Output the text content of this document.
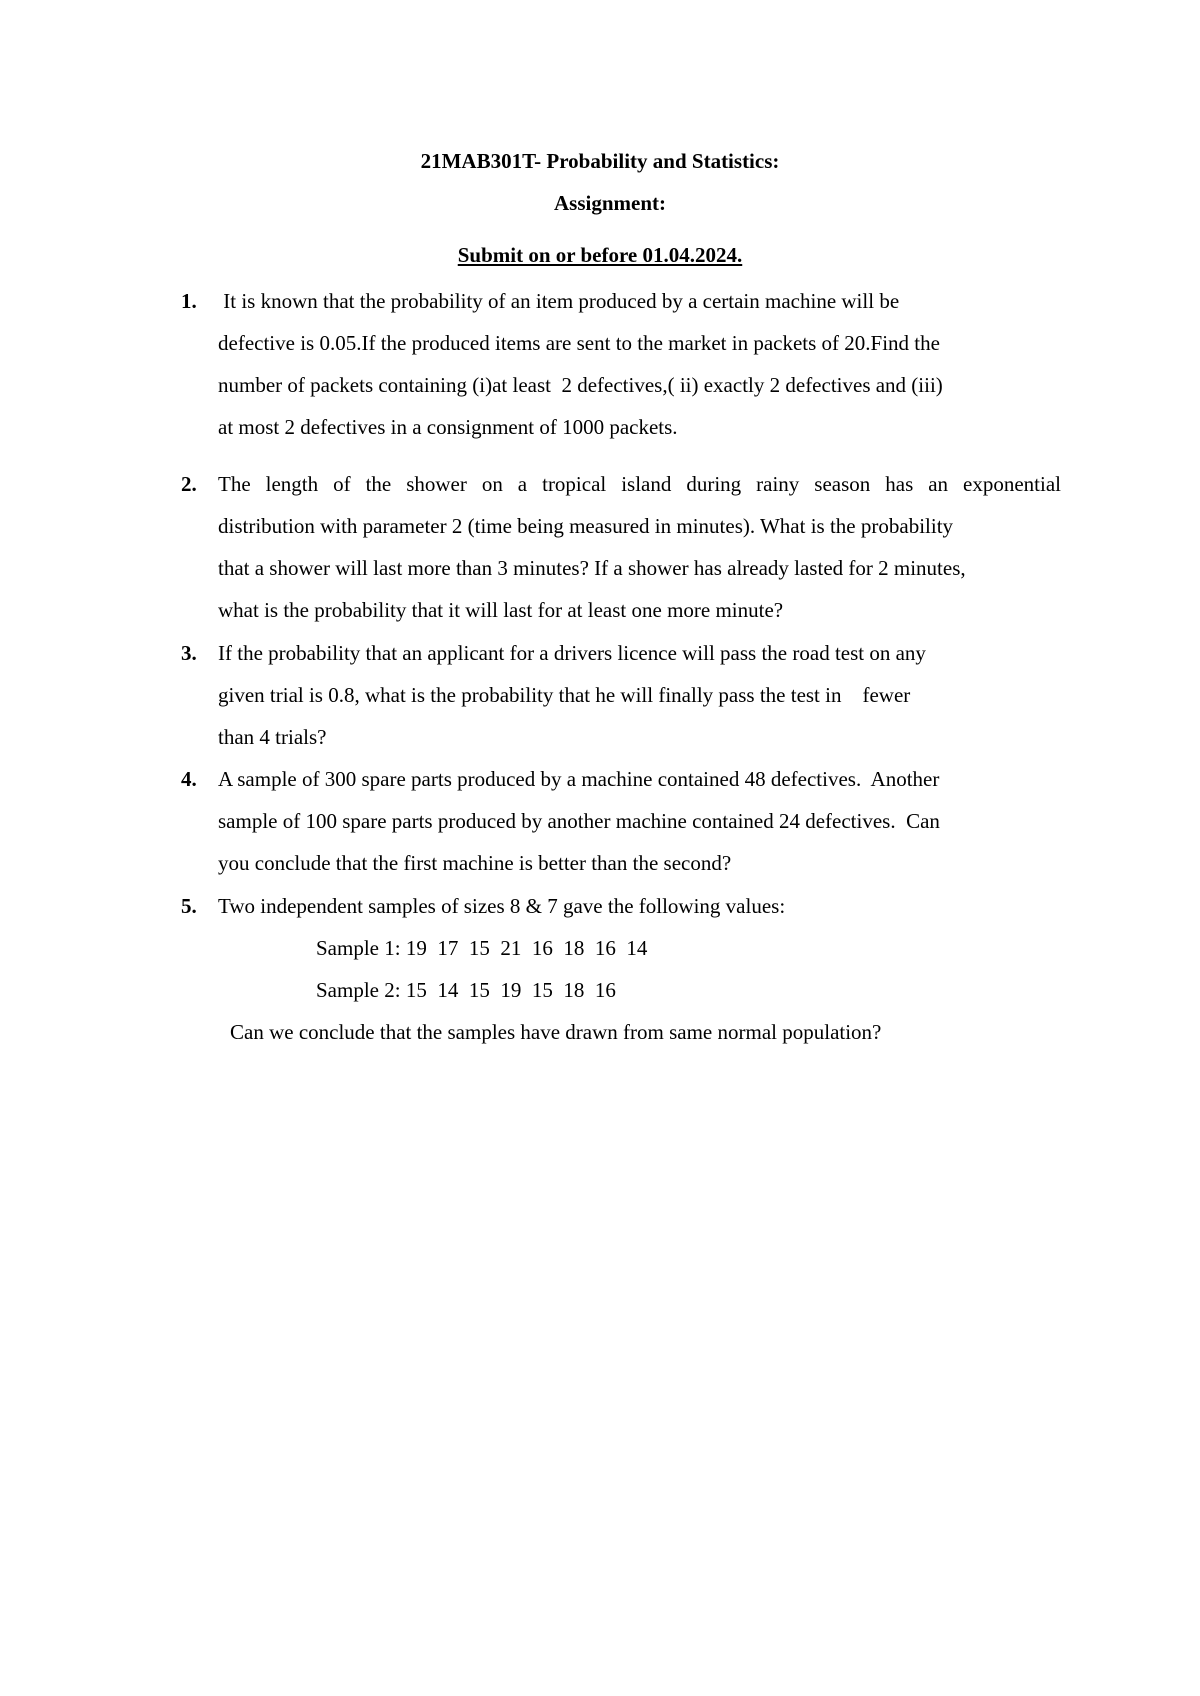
21MAB301T- Probability and Statistics:
Assignment:
Submit on or before 01.04.2024.
1. It is known that the probability of an item produced by a certain machine will be
defective is 0.05.If the produced items are sent to the market in packets of 20.Find the
number of packets containing (i)at least  2 defectives,( ii) exactly 2 defectives and (iii)
at most 2 defectives in a consignment of 1000 packets.
2. The length of the shower on a tropical island during rainy season has an exponential
distribution with parameter 2 (time being measured in minutes). What is the probability
that a shower will last more than 3 minutes? If a shower has already lasted for 2 minutes,
what is the probability that it will last for at least one more minute?
3. If the probability that an applicant for a drivers licence will pass the road test on any
given trial is 0.8, what is the probability that he will finally pass the test in    fewer
than 4 trials?
4. A sample of 300 spare parts produced by a machine contained 48 defectives.  Another
sample of 100 spare parts produced by another machine contained 24 defectives.  Can
you conclude that the first machine is better than the second?
5. Two independent samples of sizes 8 & 7 gave the following values:
Sample 1: 19  17  15  21  16  18  16  14
Sample 2: 15  14  15  19  15  18  16
Can we conclude that the samples have drawn from same normal population?
